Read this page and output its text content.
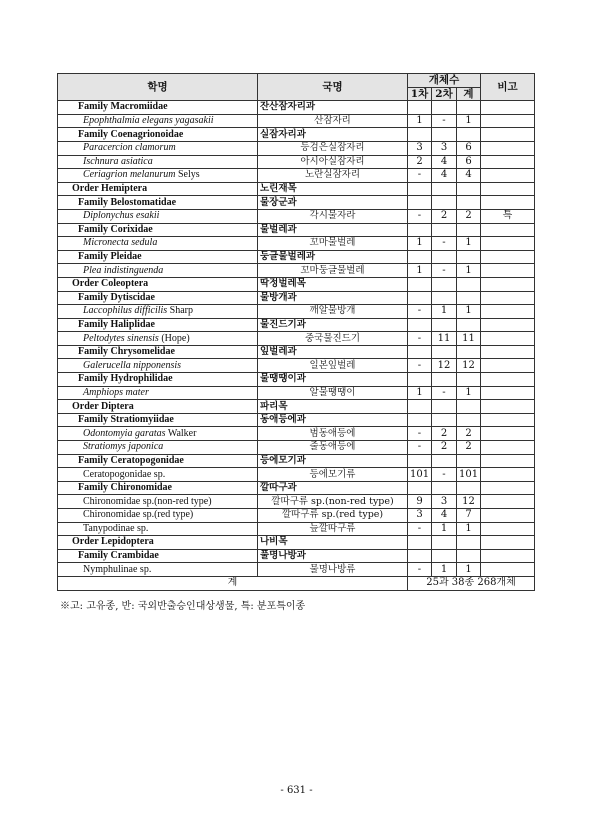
학명	국명	개체수			비고
		1차	2차	계	
Family Macromiidae	잔산잠자리과				
Epophthalmia elegans yagasakii	산잠자리	1	-	1	
Family Coenagrionoidae	실잠자리과				
Paracercion clamorum	등검은실잠자리	3	3	6	
Ischnura asiatica	아시아실잠자리	2	4	6	
Ceriagrion melanurum Selys	노란실잠자리	-	4	4	
Order Hemiptera	노린재목				
Family Belostomatidae	물장군과				
Diplonychus esakii	각시물자라	-	2	2	특
Family Corixidae	물벌레과				
Micronecta sedula	꼬마물벌레	1	-	1	
Family Pleidae	둥글물벌레과				
Plea indistinguenda	꼬마둥글물벌레	1	-	1	
Order Coleoptera	딱정벌레목				
Family Dytiscidae	물방개과				
Laccophilus difficilis Sharp	깨알물방개	-	1	1	
Family Haliplidae	물진드기과				
Peltodytes sinensis (Hope)	중국물진드기	-	11	11	
Family Chrysomelidae	잎벌레과				
Galerucella nipponensis	일본잎벌레	-	12	12	
Family Hydrophilidae	물땡땡이과				
Amphiops mater	알물땡땡이	1	-	1	
Order Diptera	파리목				
Family Stratiomyiidae	동애등에과				
Odontomyia garatas Walker	범동애등에	-	2	2	
Stratiomys japonica	줄동애등에	-	2	2	
Family Ceratopogonidae	등에모기과				
Ceratopogonidae sp.	등에모기류	101	-	101	
Family Chironomidae	깔따구과				
Chironomidae sp.(non-red type)	깔따구류 sp.(non-red type)	9	3	12	
Chironomidae sp.(red type)	깔따구류 sp.(red type)	3	4	7	
Tanypodinae sp.	늪깔따구류	-	1	1	
Order Lepidoptera	나비목				
Family Crambidae	풀명나방과				
Nymphulinae sp.	물명나방류	-	1	1	
계		25과 38종 268개체			
※고: 고유종, 반: 국외반출승인대상생물, 특: 분포특이종
- 631 -
